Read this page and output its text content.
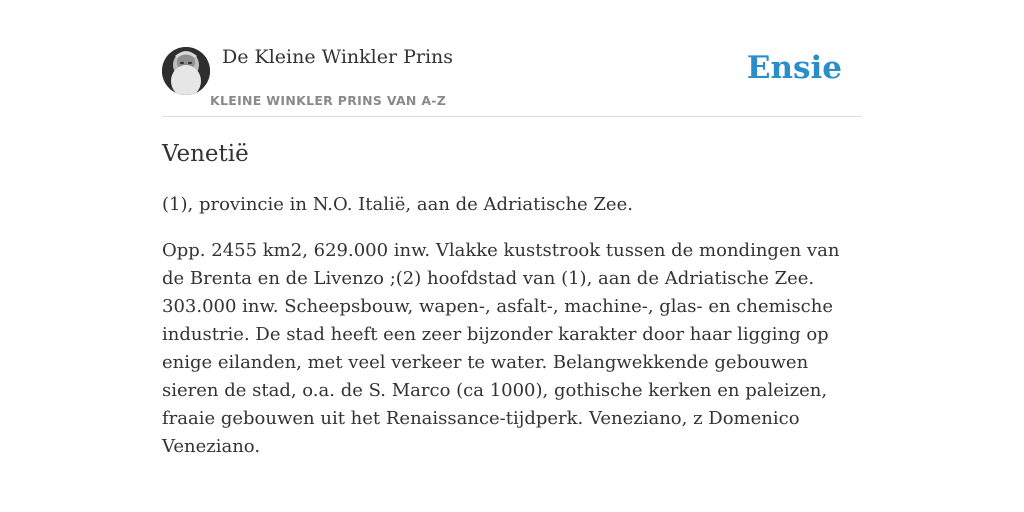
De Kleine Winkler Prins
KLEINE WINKLER PRINS VAN A-Z
Ensie
Venetië

(1), provincie in N.O. Italië, aan de Adriatische Zee.

Opp. 2455 km2, 629.000 inw. Vlakke kuststrook tussen de mondingen van de Brenta en de Livenzo ;(2) hoofdstad van (1), aan de Adriatische Zee. 303.000 inw. Scheepsbouw, wapen-, asfalt-, machine-, glas- en chemische industrie. De stad heeft een zeer bijzonder karakter door haar ligging op enige eilanden, met veel verkeer te water. Belangwekkende gebouwen sieren de stad, o.a. de S. Marco (ca 1000), gothische kerken en paleizen, fraaie gebouwen uit het Renaissance-tijdperk. Veneziano, z Domenico Veneziano.
